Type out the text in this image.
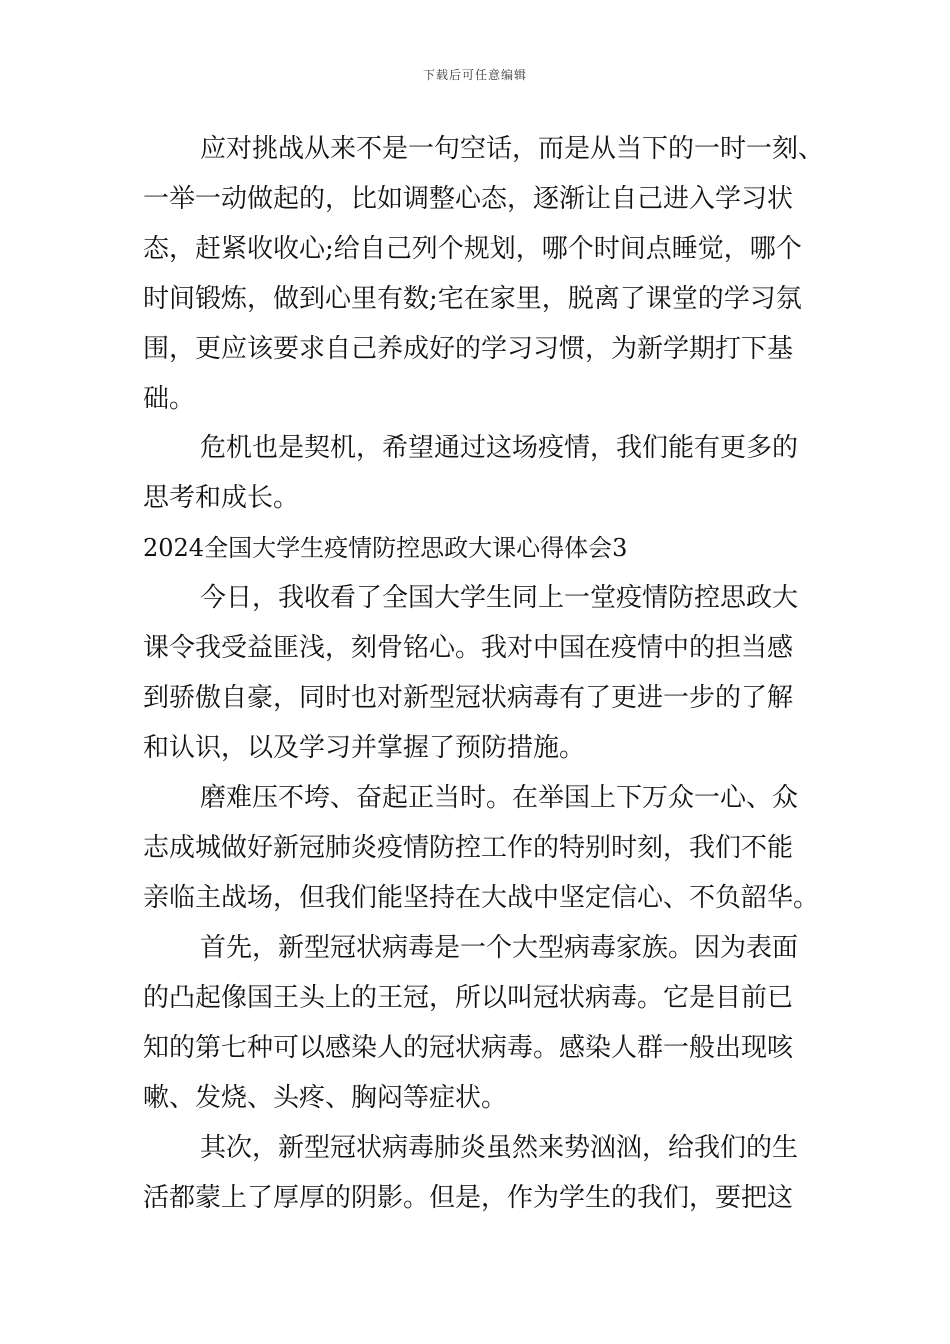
下载后可任意编辑
应对挑战从来不是一句空话，而是从当下的一时一刻、
一举一动做起的，比如调整心态，逐渐让自己进入学习状
态，赶紧收收心;给自己列个规划，哪个时间点睡觉，哪个
时间锻炼，做到心里有数;宅在家里，脱离了课堂的学习氛
围，更应该要求自己养成好的学习习惯，为新学期打下基
础。
危机也是契机，希望通过这场疫情，我们能有更多的
思考和成长。
2024全国大学生疫情防控思政大课心得体会3
今日，我收看了全国大学生同上一堂疫情防控思政大
课令我受益匪浅，刻骨铭心。我对中国在疫情中的担当感
到骄傲自豪，同时也对新型冠状病毒有了更进一步的了解
和认识，以及学习并掌握了预防措施。
磨难压不垮、奋起正当时。在举国上下万众一心、众
志成城做好新冠肺炎疫情防控工作的特别时刻，我们不能
亲临主战场，但我们能坚持在大战中坚定信心、不负韶华。
首先，新型冠状病毒是一个大型病毒家族。因为表面
的凸起像国王头上的王冠，所以叫冠状病毒。它是目前已
知的第七种可以感染人的冠状病毒。感染人群一般出现咳
嗽、发烧、头疼、胸闷等症状。
其次，新型冠状病毒肺炎虽然来势汹汹，给我们的生
活都蒙上了厚厚的阴影。但是，作为学生的我们，要把这
